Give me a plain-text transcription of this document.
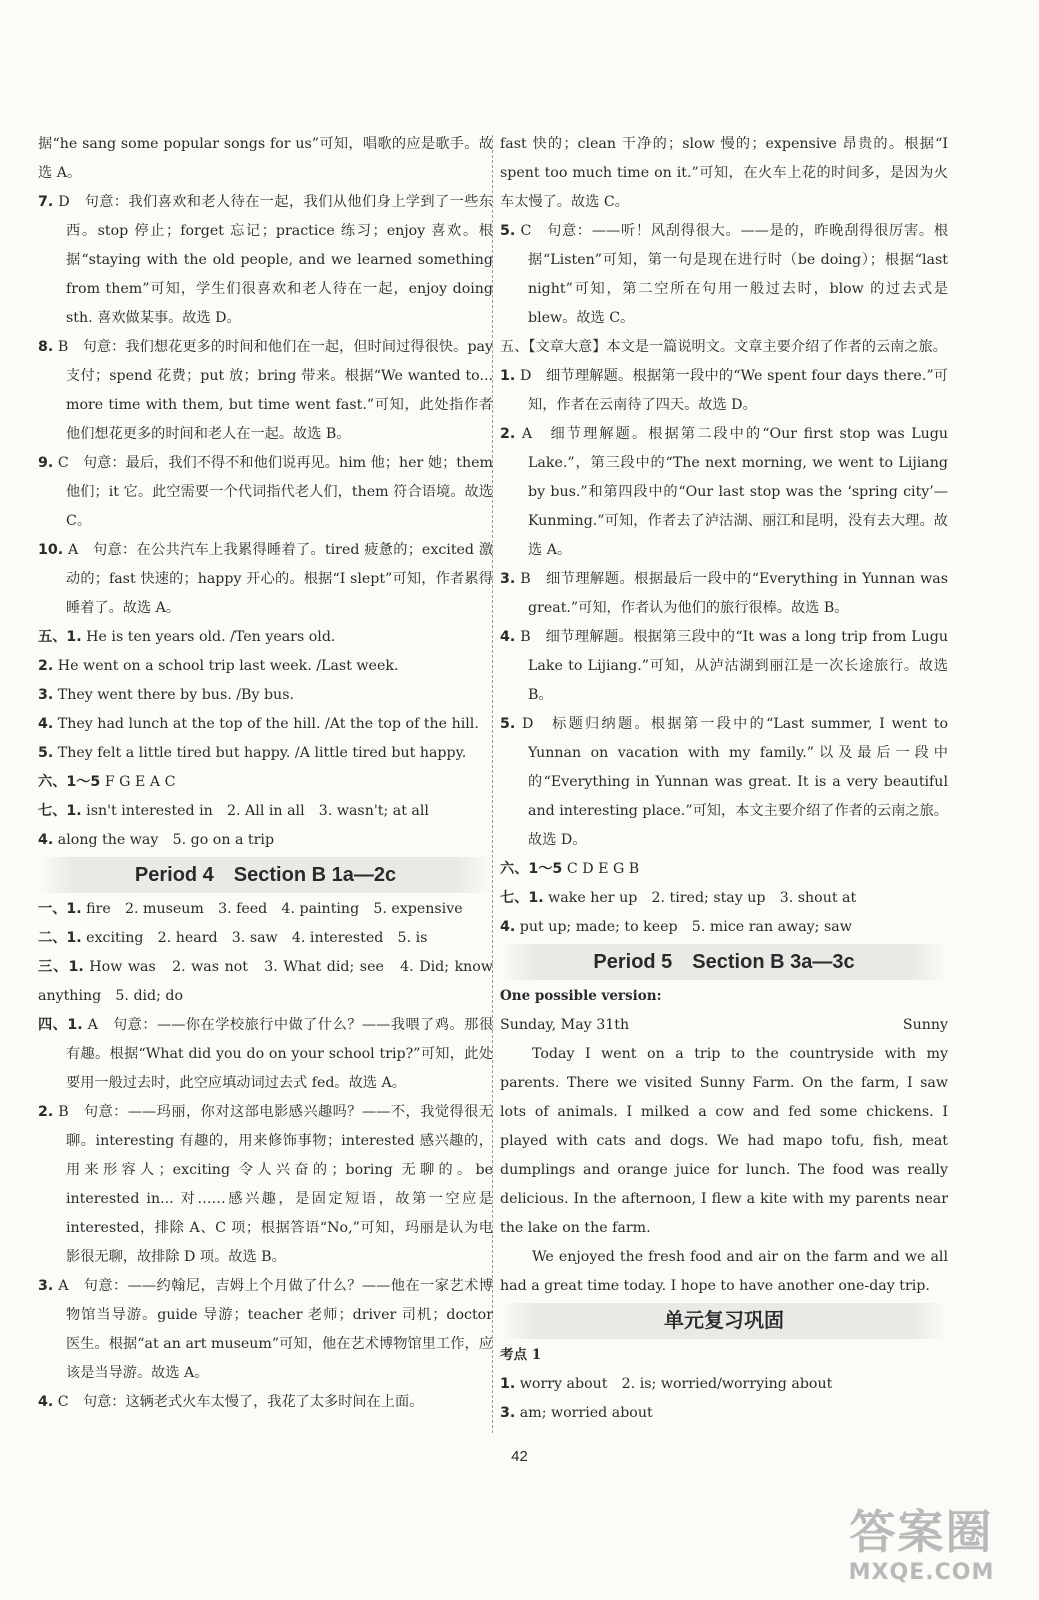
据“he sang some popular songs for us”可知，唱歌的应是歌手。故选 A。
7. D　句意：我们喜欢和老人待在一起，我们从他们身上学到了一些东西。stop 停止；forget 忘记；practice 练习；enjoy 喜欢。根据“staying with the old people, and we learned something from them”可知，学生们很喜欢和老人待在一起，enjoy doing sth. 喜欢做某事。故选 D。
8. B　句意：我们想花更多的时间和他们在一起，但时间过得很快。pay 支付；spend 花费；put 放；bring 带来。根据“We wanted to... more time with them, but time went fast.”可知，此处指作者他们想花更多的时间和老人在一起。故选 B。
9. C　句意：最后，我们不得不和他们说再见。him 他；her 她；them 他们；it 它。此空需要一个代词指代老人们，them 符合语境。故选 C。
10. A　句意：在公共汽车上我累得睡着了。tired 疲惫的；excited 激动的；fast 快速的；happy 开心的。根据“I slept”可知，作者累得睡着了。故选 A。
五、1. He is ten years old. /Ten years old.
2. He went on a school trip last week. /Last week.
3. They went there by bus. /By bus.
4. They had lunch at the top of the hill. /At the top of the hill.
5. They felt a little tired but happy. /A little tired but happy.
六、1～5 F G E A C
七、1. isn't interested in　2. All in all　3. wasn't; at all
4. along the way　5. go on a trip
Period 4　Section B 1a—2c
一、1. fire　2. museum　3. feed　4. painting　5. expensive
二、1. exciting　2. heard　3. saw　4. interested　5. is
三、1. How was　2. was not　3. What did; see　4. Did; know anything　5. did; do
四、1. A　句意：——你在学校旅行中做了什么？——我喂了鸡。那很有趣。根据“What did you do on your school trip?”可知，此处要用一般过去时，此空应填动词过去式 fed。故选 A。
2. B　句意：——玛丽，你对这部电影感兴趣吗？——不，我觉得很无聊。interesting 有趣的，用来修饰事物；interested 感兴趣的，用来形容人；exciting 令人兴奋的；boring 无聊的。be interested in... 对……感兴趣，是固定短语，故第一空应是 interested，排除 A、C 项；根据答语“No,”可知，玛丽是认为电影很无聊，故排除 D 项。故选 B。
3. A　句意：——约翰尼，吉姆上个月做了什么？——他在一家艺术博物馆当导游。guide 导游；teacher 老师；driver 司机；doctor 医生。根据“at an art museum”可知，他在艺术博物馆里工作，应该是当导游。故选 A。
4. C　句意：这辆老式火车太慢了，我花了太多时间在上面。
fast 快的；clean 干净的；slow 慢的；expensive 昂贵的。根据“I spent too much time on it.”可知，在火车上花的时间多，是因为火车太慢了。故选 C。
5. C　句意：——听！风刮得很大。——是的，昨晚刮得很厉害。根据“Listen”可知，第一句是现在进行时（be doing）；根据“last night”可知，第二空所在句用一般过去时，blow 的过去式是 blew。故选 C。
五、【文章大意】本文是一篇说明文。文章主要介绍了作者的云南之旅。
1. D　细节理解题。根据第一段中的“We spent four days there.”可知，作者在云南待了四天。故选 D。
2. A　细节理解题。根据第二段中的“Our first stop was Lugu Lake.”，第三段中的“The next morning, we went to Lijiang by bus.”和第四段中的“Our last stop was the ‘spring city’—Kunming.”可知，作者去了泸沽湖、丽江和昆明，没有去大理。故选 A。
3. B　细节理解题。根据最后一段中的“Everything in Yunnan was great.”可知，作者认为他们的旅行很棒。故选 B。
4. B　细节理解题。根据第三段中的“It was a long trip from Lugu Lake to Lijiang.”可知，从泸沽湖到丽江是一次长途旅行。故选 B。
5. D　标题归纳题。根据第一段中的“Last summer, I went to Yunnan on vacation with my family.”以及最后一段中的“Everything in Yunnan was great. It is a very beautiful and interesting place.”可知，本文主要介绍了作者的云南之旅。故选 D。
六、1～5 C D E G B
七、1. wake her up　2. tired; stay up　3. shout at
4. put up; made; to keep　5. mice ran away; saw
Period 5　Section B 3a—3c
One possible version:
Sunday, May 31th	Sunny
Today I went on a trip to the countryside with my parents. There we visited Sunny Farm. On the farm, I saw lots of animals. I milked a cow and fed some chickens. I played with cats and dogs. We had mapo tofu, fish, meat dumplings and orange juice for lunch. The food was really delicious. In the afternoon, I flew a kite with my parents near the lake on the farm.
We enjoyed the fresh food and air on the farm and we all had a great time today. I hope to have another one-day trip.
单元复习巩固
考点 1
1. worry about　2. is; worried/worrying about
3. am; worried about
42
答案圈
MXQE.COM
